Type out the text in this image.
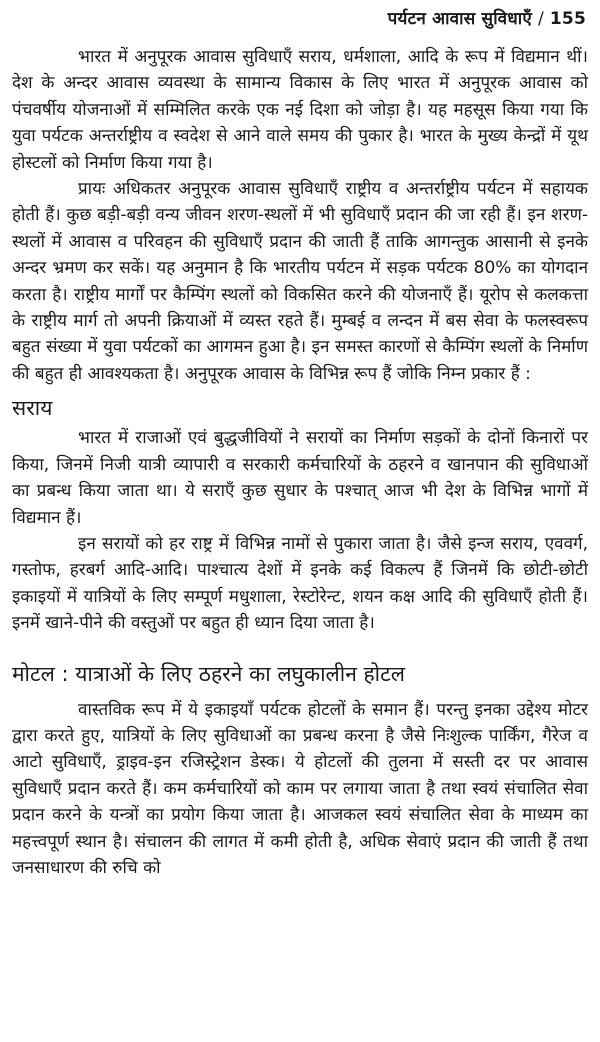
पर्यटन आवास सुविधाएँ / 155

भारत में अनुपूरक आवास सुविधाएँ सराय, धर्मशाला, आदि के रूप में विद्यमान थीं। देश के अन्दर आवास व्यवस्था के सामान्य विकास के लिए भारत में अनुपूरक आवास को पंचवर्षीय योजनाओं में सम्मिलित करके एक नई दिशा को जोड़ा है। यह महसूस किया गया कि युवा पर्यटक अन्तर्राष्ट्रीय व स्वदेश से आने वाले समय की पुकार है। भारत के मुख्य केन्द्रों में यूथ होस्टलों को निर्माण किया गया है।

प्रायः अधिकतर अनुपूरक आवास सुविधाएँ राष्ट्रीय व अन्तर्राष्ट्रीय पर्यटन में सहायक होती हैं। कुछ बड़ी-बड़ी वन्य जीवन शरण-स्थलों में भी सुविधाएँ प्रदान की जा रही हैं। इन शरण-स्थलों में आवास व परिवहन की सुविधाएँ प्रदान की जाती हैं ताकि आगन्तुक आसानी से इनके अन्दर भ्रमण कर सकें। यह अनुमान है कि भारतीय पर्यटन में सड़क पर्यटक 80% का योगदान करता है। राष्ट्रीय मार्गों पर कैम्पिंग स्थलों को विकसित करने की योजनाएँ हैं। यूरोप से कलकत्ता के राष्ट्रीय मार्ग तो अपनी क्रियाओं में व्यस्त रहते हैं। मुम्बई व लन्दन में बस सेवा के फलस्वरूप बहुत संख्या में युवा पर्यटकों का आगमन हुआ है। इन समस्त कारणों से कैम्पिंग स्थलों के निर्माण की बहुत ही आवश्यकता है। अनुपूरक आवास के विभिन्न रूप हैं जोकि निम्न प्रकार हैं :

सराय

भारत में राजाओं एवं बुद्धजीवियों ने सरायों का निर्माण सड़कों के दोनों किनारों पर किया, जिनमें निजी यात्री व्यापारी व सरकारी कर्मचारियों के ठहरने व खानपान की सुविधाओं का प्रबन्ध किया जाता था। ये सराएँ कुछ सुधार के पश्चात् आज भी देश के विभिन्न भागों में विद्यमान हैं।

इन सरायों को हर राष्ट्र में विभिन्न नामों से पुकारा जाता है। जैसे इन्ज सराय, एववर्ग, गस्तोफ, हरबर्ग आदि-आदि। पाश्चात्य देशों में इनके कई विकल्प हैं जिनमें कि छोटी-छोटी इकाइयों में यात्रियों के लिए सम्पूर्ण मधुशाला, रेस्टोरेन्ट, शयन कक्ष आदि की सुविधाएँ होती हैं। इनमें खाने-पीने की वस्तुओं पर बहुत ही ध्यान दिया जाता है।

मोटल : यात्राओं के लिए ठहरने का लघुकालीन होटल

वास्तविक रूप में ये इकाइयाँ पर्यटक होटलों के समान हैं। परन्तु इनका उद्देश्य मोटर द्वारा करते हुए, यात्रियों के लिए सुविधाओं का प्रबन्ध करना है जैसे निःशुल्क पार्किंग, गैरेज व आटो सुविधाएँ, ड्राइव-इन रजिस्ट्रेशन डेस्क। ये होटलों की तुलना में सस्ती दर पर आवास सुविधाएँ प्रदान करते हैं। कम कर्मचारियों को काम पर लगाया जाता है तथा स्वयं संचालित सेवा प्रदान करने के यन्त्रों का प्रयोग किया जाता है। आजकल स्वयं संचालित सेवा के माध्यम का महत्त्वपूर्ण स्थान है। संचालन की लागत में कमी होती है, अधिक सेवाएं प्रदान की जाती हैं तथा जनसाधारण की रुचि को
